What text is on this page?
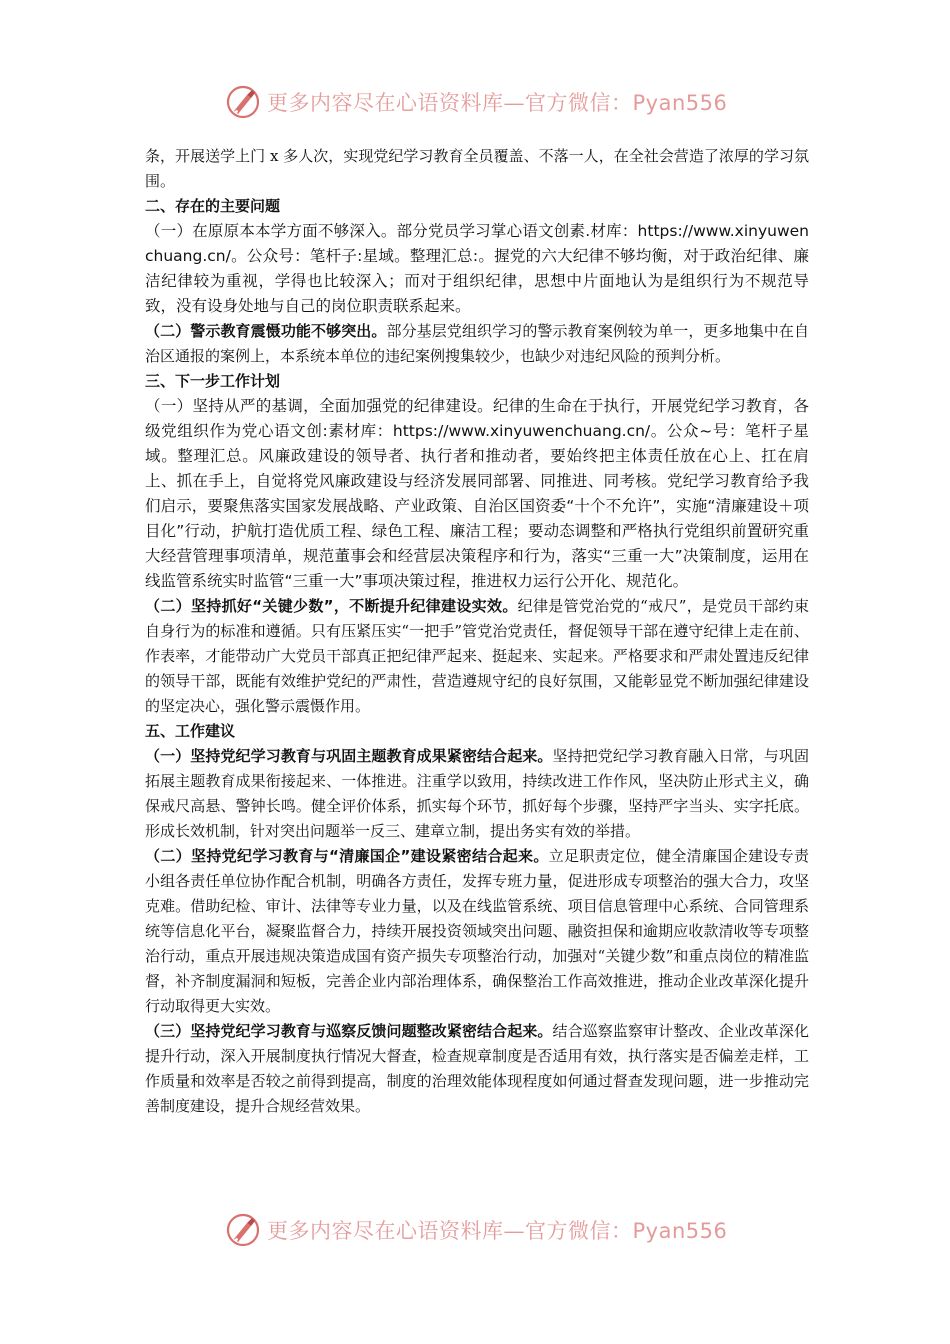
更多内容尽在心语资料库—官方微信：Pyan556

条，开展送学上门 x 多人次，实现党纪学习教育全员覆盖、不落一人，在全社会营造了浓厚的学习氛围。

二、存在的主要问题

（一）在原原本本学方面不够深入。部分党员学习掌心语文创素.材库：https://www.xinyuwenchuang.cn/。公众号：笔杆子:星域。整理汇总:。握党的六大纪律不够均衡，对于政治纪律、廉洁纪律较为重视，学得也比较深入；而对于组织纪律，思想中片面地认为是组织行为不规范导致，没有设身处地与自己的岗位职责联系起来。

（二）警示教育震慑功能不够突出。部分基层党组织学习的警示教育案例较为单一，更多地集中在自治区通报的案例上，本系统本单位的违纪案例搜集较少，也缺少对违纪风险的预判分析。

三、下一步工作计划

（一）坚持从严的基调，全面加强党的纪律建设。纪律的生命在于执行，开展党纪学习教育，各级党组织作为党心语文创:素材库：https://www.xinyuwenchuang.cn/。公众~号：笔杆子星域。整理汇总。风廉政建设的领导者、执行者和推动者，要始终把主体责任放在心上、扛在肩上、抓在手上，自觉将党风廉政建设与经济发展同部署、同推进、同考核。党纪学习教育给予我们启示，要聚焦落实国家发展战略、产业政策、自治区国资委“十个不允许”，实施“清廉建设＋项目化”行动，护航打造优质工程、绿色工程、廉洁工程；要动态调整和严格执行党组织前置研究重大经营管理事项清单，规范董事会和经营层决策程序和行为，落实“三重一大”决策制度，运用在线监管系统实时监管“三重一大”事项决策过程，推进权力运行公开化、规范化。

（二）坚持抓好“关键少数”，不断提升纪律建设实效。纪律是管党治党的“戒尺”，是党员干部约束自身行为的标准和遵循。只有压紧压实“一把手”管党治党责任，督促领导干部在遵守纪律上走在前、作表率，才能带动广大党员干部真正把纪律严起来、挺起来、实起来。严格要求和严肃处置违反纪律的领导干部，既能有效维护党纪的严肃性，营造遵规守纪的良好氛围，又能彰显党不断加强纪律建设的坚定决心，强化警示震慑作用。

五、工作建议

（一）坚持党纪学习教育与巩固主题教育成果紧密结合起来。坚持把党纪学习教育融入日常，与巩固拓展主题教育成果衔接起来、一体推进。注重学以致用，持续改进工作作风，坚决防止形式主义，确保戒尺高悬、警钟长鸣。健全评价体系，抓实每个环节，抓好每个步骤，坚持严字当头、实字托底。形成长效机制，针对突出问题举一反三、建章立制，提出务实有效的举措。

（二）坚持党纪学习教育与“清廉国企”建设紧密结合起来。立足职责定位，健全清廉国企建设专责小组各责任单位协作配合机制，明确各方责任，发挥专班力量，促进形成专项整治的强大合力，攻坚克难。借助纪检、审计、法律等专业力量，以及在线监管系统、项目信息管理中心系统、合同管理系统等信息化平台，凝聚监督合力，持续开展投资领域突出问题、融资担保和逾期应收款清收等专项整治行动，重点开展违规决策造成国有资产损失专项整治行动，加强对“关键少数”和重点岗位的精准监督，补齐制度漏洞和短板，完善企业内部治理体系，确保整治工作高效推进，推动企业改革深化提升行动取得更大实效。

（三）坚持党纪学习教育与巡察反馈问题整改紧密结合起来。结合巡察监察审计整改、企业改革深化提升行动，深入开展制度执行情况大督查，检查规章制度是否适用有效，执行落实是否偏差走样，工作质量和效率是否较之前得到提高，制度的治理效能体现程度如何通过督查发现问题，进一步推动完善制度建设，提升合规经营效果。

更多内容尽在心语资料库—官方微信：Pyan556
